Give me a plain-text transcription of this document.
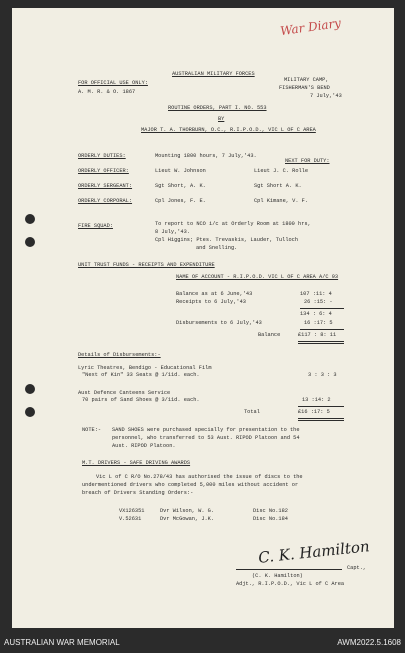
War Diary
FOR OFFICIAL USE ONLY:
AUSTRALIAN MILITARY FORCES
A. M. R. & O. 1867
MILITARY CAMP,
FISHERMAN'S BEND
7 July,'43
ROUTINE ORDERS, PART I. NO. 553
BY
MAJOR T. A. THORBURN, O.C., R.I.P.O.D., VIC L OF C AREA
ORDERLY DUTIES:	Mounting 1800 hours, 7 July,'43.
NEXT FOR DUTY:
ORDERLY OFFICER:	Lieut W. Johnson	Lieut J. C. Rolle
ORDERLY SERGEANT:	Sgt Short, A. K.	Sgt Short A. K.
ORDERLY CORPORAL:	Cpl Jones, F. E.	Cpl Kimane, V. F.
FIRE SQUAD:	To report to NCO i/c at Orderly Room at 1800 hrs,
8 July,'43.
Cpl Higgins; Ptes. Trevaskis, Lauder, Tulloch
and Snelling.
UNIT TRUST FUNDS - RECEIPTS AND EXPENDITURE
NAME OF ACCOUNT - R.I.P.O.D. VIC L OF C AREA A/C 93
Balance as at 6 June,'43	107 :11: 4
Receipts to 6 July,'43	26 :15: -
134 : 6: 4
Disbursements to 6 July,'43	16 :17: 5
Balance	£117 : 8: 11
Details of Disbursements:-
Lyric Theatres, Bendigo - Educational Film
"Next of Kin" 33 Seats @ 1/11d. each.	3 : 3 : 3
Aust Defence Canteens Service
70 pairs of Sand Shoes @ 3/11d. each.	13 :14: 2
Total	£16 :17: 5
NOTE:- SAND SHOES were purchased specially for presentation to the
personnel, who transferred to 53 Aust. RIPOD Platoon and 54
Aust. RIPOD Platoon.
M.T. DRIVERS - SAFE DRIVING AWARDS
Vic L of C R/O No.278/43 has authorised the issue of discs to the
undermentioned drivers who completed 5,000 miles without accident or
breach of Drivers Standing Orders:-
VX126351	Dvr Wilson, W. G.	Disc No.182
V.52631	Dvr McGowan, J.K.	Disc No.184
C. K. Hamilton
Capt.,
(C. K. Hamilton)
Adjt., R.I.P.O.D., Vic L of C Area
AUSTRALIAN WAR MEMORIAL	AWM2022.5.1608
